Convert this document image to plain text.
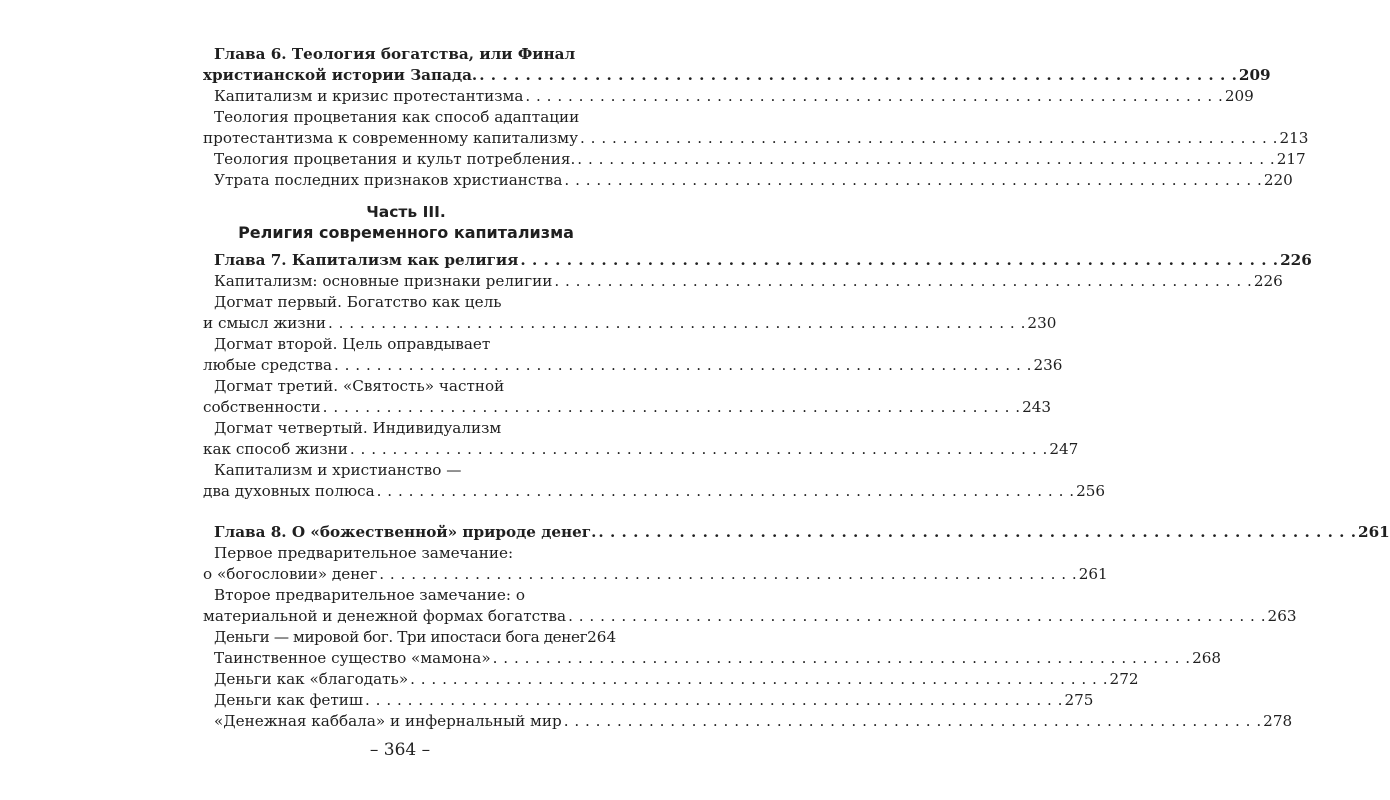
Глава 6. Теология богатства, или Финал
христианской истории Запада. . . .	209
Капитализм и кризис протестантизма . . .	209
Теология процветания как способ адаптации
протестантизма к современному капитализму . . .	213
Теология процветания и культ потребления. . . .	217
Утрата последних признаков христианства . . .	220
Часть III.
Религия современного капитализма
Глава 7. Капитализм как религия . . .	226
Капитализм: основные признаки религии . . .	226
Догмат первый. Богатство как цель
и смысл жизни . . .	230
Догмат второй. Цель оправдывает
любые средства . . .	236
Догмат третий. «Святость» частной
собственности . . .	243
Догмат четвертый. Индивидуализм
как способ жизни . . .	247
Капитализм и христианство —
два духовных полюса . . .	256
Глава 8. О «божественной» природе денег. . . .	261
Первое предварительное замечание:
о «богословии» денег . . .	261
Второе предварительное замечание: о
материальной и денежной формах богатства . . .	263
Деньги — мировой бог. Три ипостаси бога денег 264
Таинственное существо «мамона» . . .	268
Деньги как «благодать» . . .	272
Деньги как фетиш . . .	275
«Денежная каббала» и инфернальный мир . . .	278
– 364 –
